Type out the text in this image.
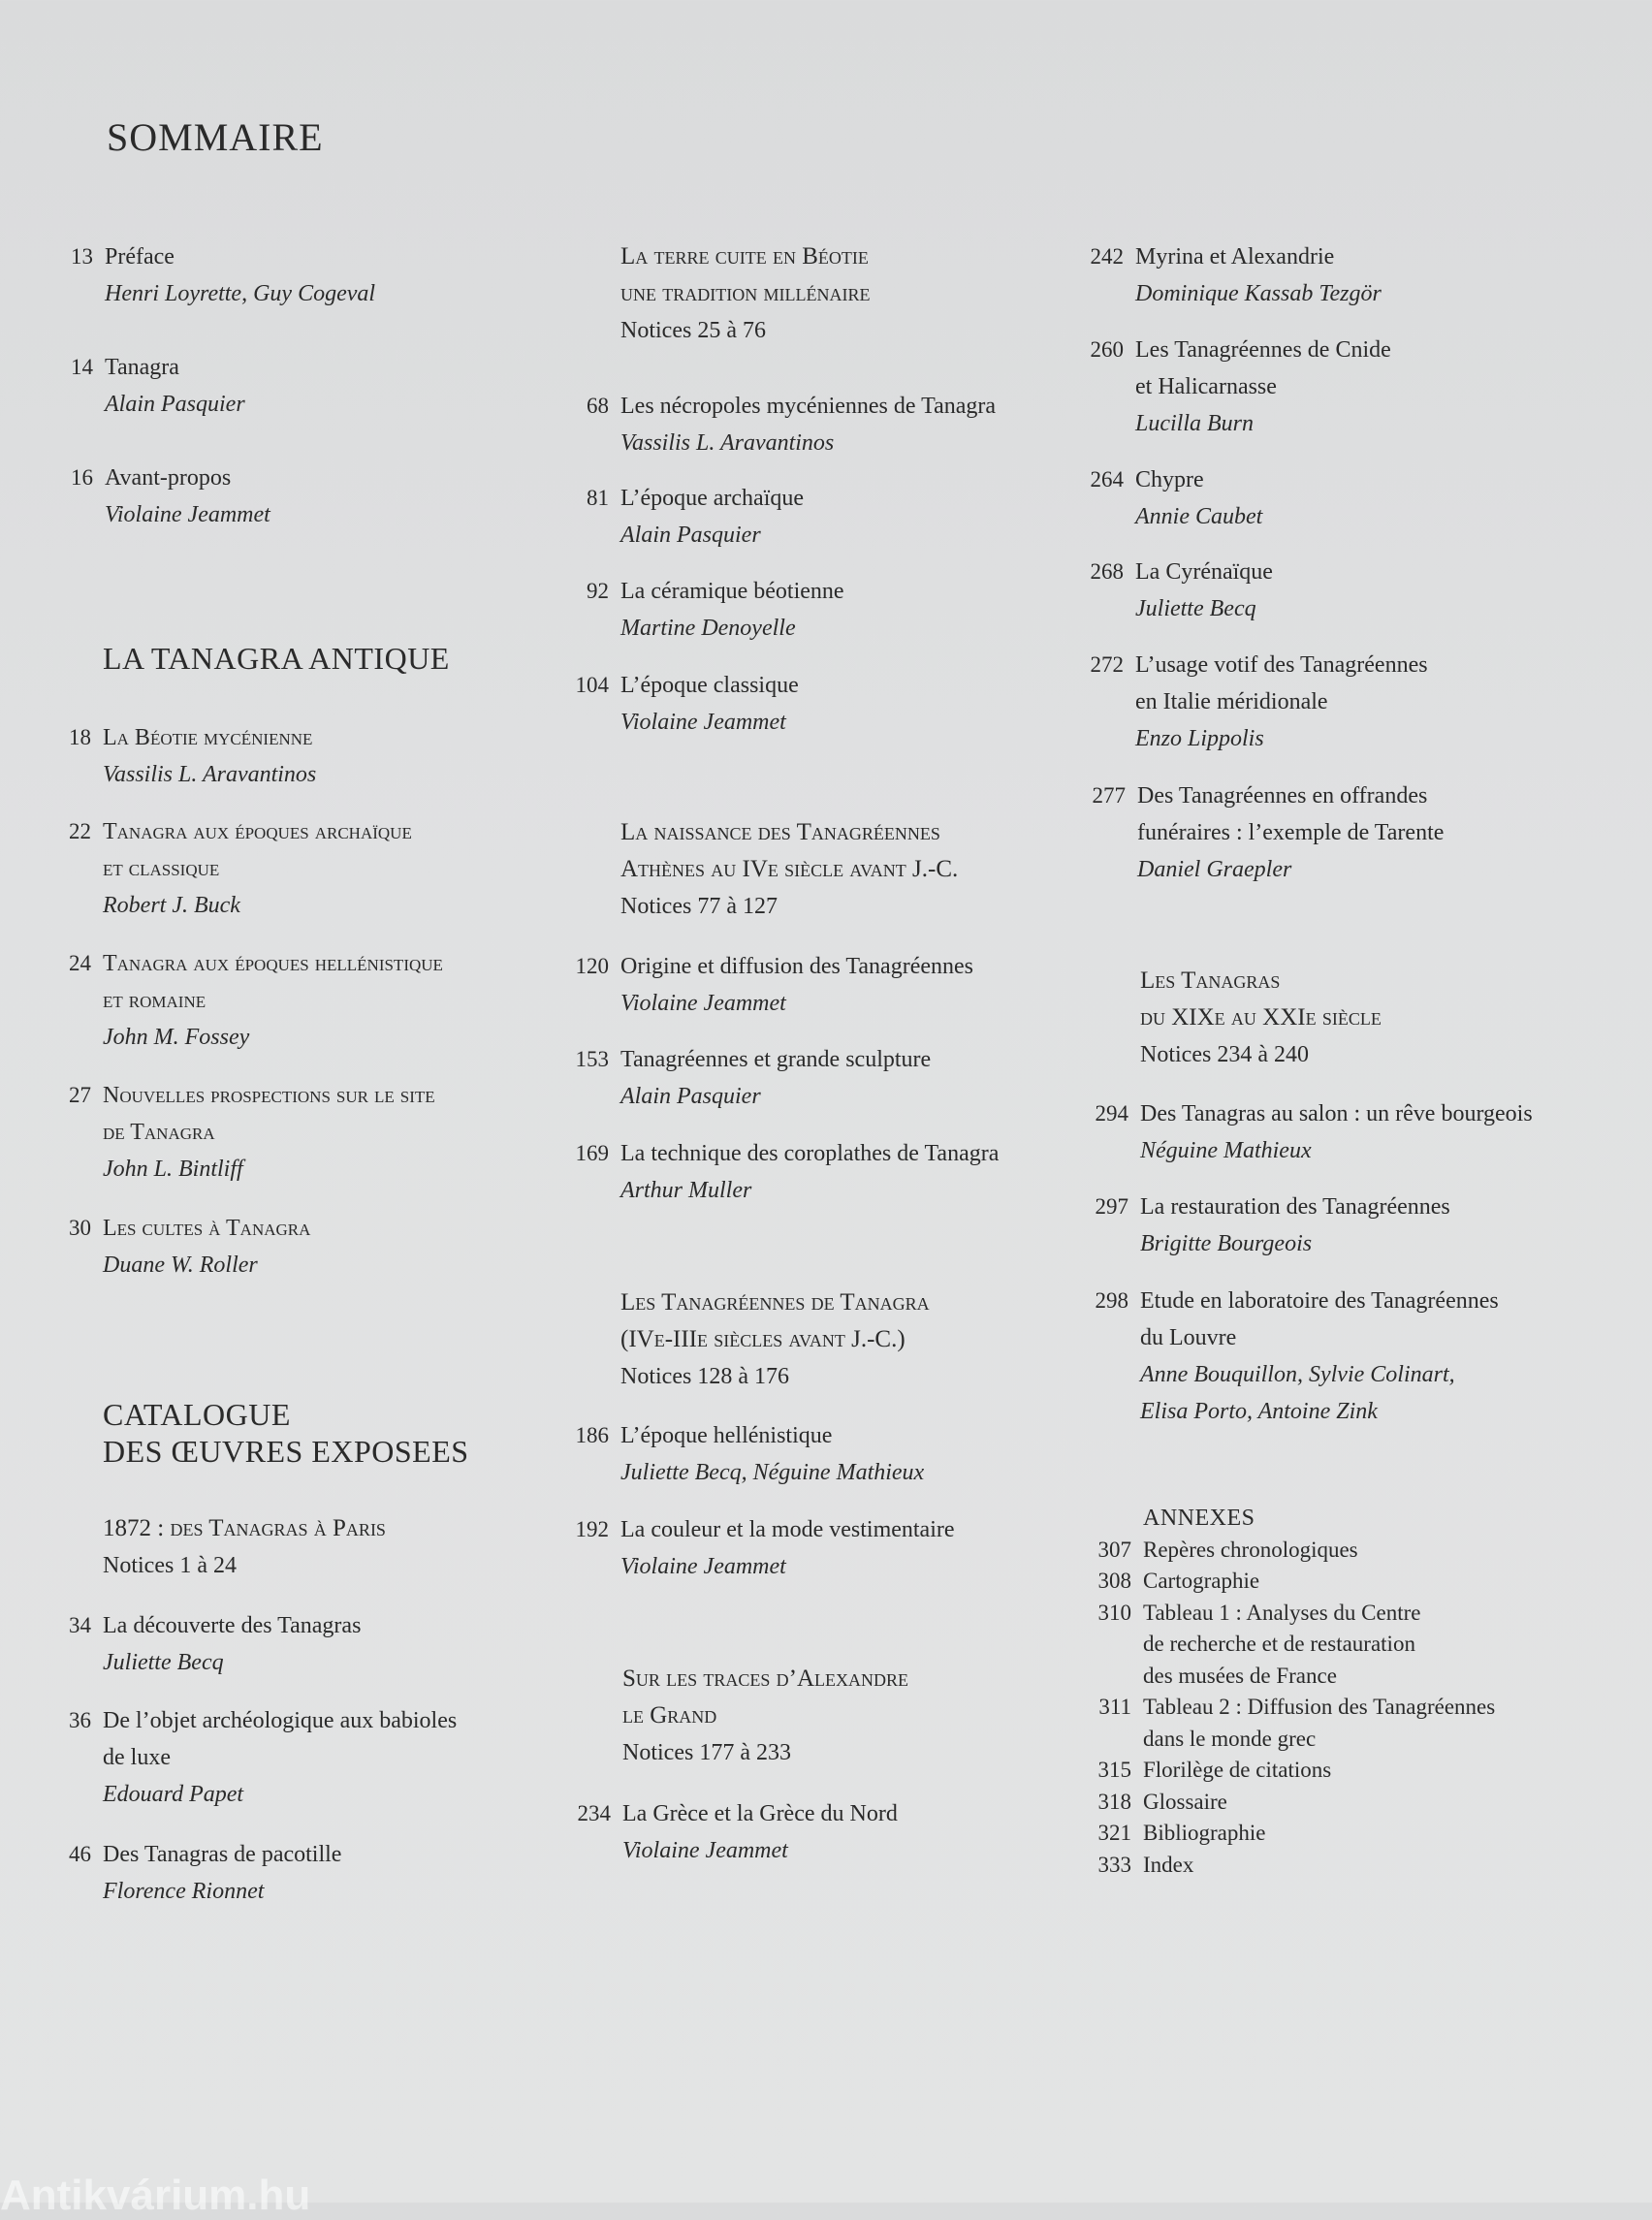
SOMMAIRE
13 Préface
Henri Loyrette, Guy Cogeval
14 Tanagra
Alain Pasquier
16 Avant-propos
Violaine Jeammet
LA TANAGRA ANTIQUE
18 La Béotie mycénienne
Vassilis L. Aravantinos
22 Tanagra aux époques archaïque
et classique
Robert J. Buck
24 Tanagra aux époques hellénistique
et romaine
John M. Fossey
27 Nouvelles prospections sur le site
de Tanagra
John L. Bintliff
30 Les cultes à Tanagra
Duane W. Roller
CATALOGUE
DES ŒUVRES EXPOSEES
1872 : des Tanagras à Paris
Notices 1 à 24
34 La découverte des Tanagras
Juliette Becq
36 De l’objet archéologique aux babioles
de luxe
Edouard Papet
46 Des Tanagras de pacotille
Florence Rionnet
La terre cuite en Béotie
une tradition millénaire
Notices 25 à 76
68 Les nécropoles mycéniennes de Tanagra
Vassilis L. Aravantinos
81 L’époque archaïque
Alain Pasquier
92 La céramique béotienne
Martine Denoyelle
104 L’époque classique
Violaine Jeammet
La naissance des Tanagréennes
Athènes au IVe siècle avant J.-C.
Notices 77 à 127
120 Origine et diffusion des Tanagréennes
Violaine Jeammet
153 Tanagréennes et grande sculpture
Alain Pasquier
169 La technique des coroplathes de Tanagra
Arthur Muller
Les Tanagréennes de Tanagra
(IVe-IIIe siècles avant J.-C.)
Notices 128 à 176
186 L’époque hellénistique
Juliette Becq, Néguine Mathieux
192 La couleur et la mode vestimentaire
Violaine Jeammet
Sur les traces d’Alexandre
le Grand
Notices 177 à 233
234 La Grèce et la Grèce du Nord
Violaine Jeammet
242 Myrina et Alexandrie
Dominique Kassab Tezgör
260 Les Tanagréennes de Cnide
et Halicarnasse
Lucilla Burn
264 Chypre
Annie Caubet
268 La Cyrénaïque
Juliette Becq
272 L’usage votif des Tanagréennes
en Italie méridionale
Enzo Lippolis
277 Des Tanagréennes en offrandes
funéraires : l’exemple de Tarente
Daniel Graepler
Les Tanagras
du XIXe au XXIe siècle
Notices 234 à 240
294 Des Tanagras au salon : un rêve bourgeois
Néguine Mathieux
297 La restauration des Tanagréennes
Brigitte Bourgeois
298 Etude en laboratoire des Tanagréennes
du Louvre
Anne Bouquillon, Sylvie Colinart,
Elisa Porto, Antoine Zink
ANNEXES
307 Repères chronologiques
308 Cartographie
310 Tableau 1 : Analyses du Centre
de recherche et de restauration
des musées de France
311 Tableau 2 : Diffusion des Tanagréennes
dans le monde grec
315 Florilège de citations
318 Glossaire
321 Bibliographie
333 Index
Antikvárium.hu
